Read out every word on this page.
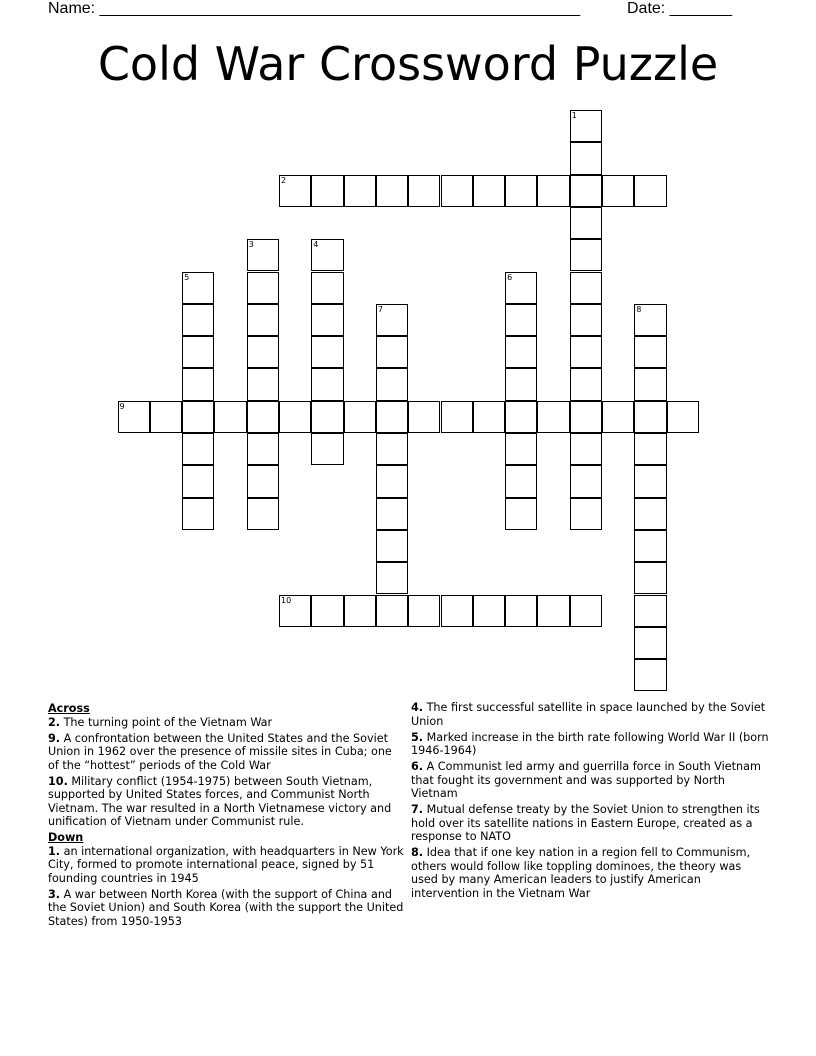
Name: ______________________________________________________	Date: _______
Cold War Crossword Puzzle
1
2
3	4
5	6
7	8
9
10
Across
2. The turning point of the Vietnam War
9. A confrontation between the United States and the Soviet Union in 1962 over the presence of missile sites in Cuba; one of the “hottest” periods of the Cold War
10. Military conflict (1954-1975) between South Vietnam, supported by United States forces, and Communist North Vietnam. The war resulted in a North Vietnamese victory and unification of Vietnam under Communist rule.
Down
1. an international organization, with headquarters in New York City, formed to promote international peace, signed by 51 founding countries in 1945
3. A war between North Korea (with the support of China and the Soviet Union) and South Korea (with the support the United States) from 1950-1953
4. The first successful satellite in space launched by the Soviet Union
5. Marked increase in the birth rate following World War II (born 1946-1964)
6. A Communist led army and guerrilla force in South Vietnam that fought its government and was supported by North Vietnam
7. Mutual defense treaty by the Soviet Union to strengthen its hold over its satellite nations in Eastern Europe, created as a response to NATO
8. Idea that if one key nation in a region fell to Communism, others would follow like toppling dominoes, the theory was used by many American leaders to justify American intervention in the Vietnam War
